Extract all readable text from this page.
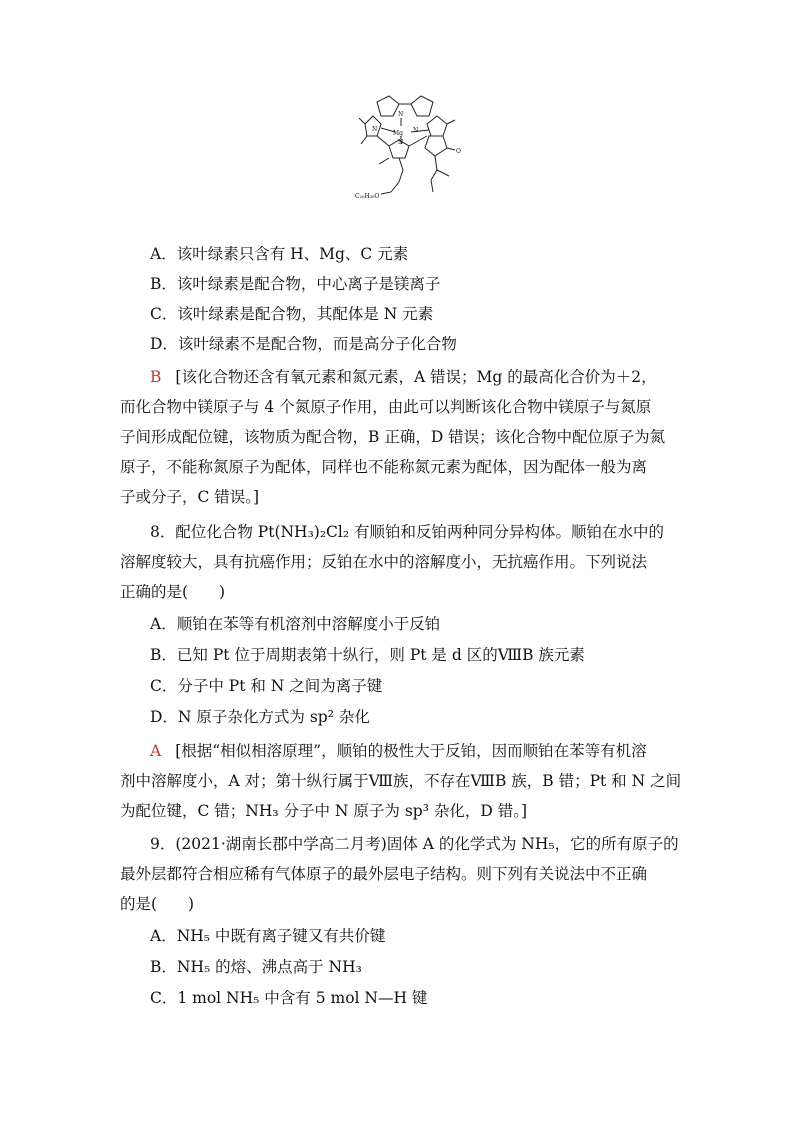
N
Mg N
N
N
O
C₂₀H₃₉O
A．该叶绿素只含有 H、Mg、C 元素
B．该叶绿素是配合物，中心离子是镁离子
C．该叶绿素是配合物，其配体是 N 元素
D．该叶绿素不是配合物，而是高分子化合物
B [该化合物还含有氧元素和氮元素，A 错误；Mg 的最高化合价为＋2，
而化合物中镁原子与 4 个氮原子作用，由此可以判断该化合物中镁原子与氮原
子间形成配位键，该物质为配合物，B 正确，D 错误；该化合物中配位原子为氮
原子，不能称氮原子为配体，同样也不能称氮元素为配体，因为配体一般为离
子或分子，C 错误。]
8．配位化合物 Pt(NH₃)₂Cl₂ 有顺铂和反铂两种同分异构体。顺铂在水中的
溶解度较大，具有抗癌作用；反铂在水中的溶解度小，无抗癌作用。下列说法
正确的是(　　)
A．顺铂在苯等有机溶剂中溶解度小于反铂
B．已知 Pt 位于周期表第十纵行，则 Pt 是 d 区的ⅧB 族元素
C．分子中 Pt 和 N 之间为离子键
D．N 原子杂化方式为 sp² 杂化
A [根据“相似相溶原理”，顺铂的极性大于反铂，因而顺铂在苯等有机溶
剂中溶解度小，A 对；第十纵行属于Ⅷ族，不存在ⅧB 族，B 错；Pt 和 N 之间
为配位键，C 错；NH₃ 分子中 N 原子为 sp³ 杂化，D 错。]
9．(2021·湖南长郡中学高二月考)固体 A 的化学式为 NH₅，它的所有原子的
最外层都符合相应稀有气体原子的最外层电子结构。则下列有关说法中不正确
的是(　　)
A．NH₅ 中既有离子键又有共价键
B．NH₅ 的熔、沸点高于 NH₃
C．1 mol NH₅ 中含有 5 mol N—H 键
